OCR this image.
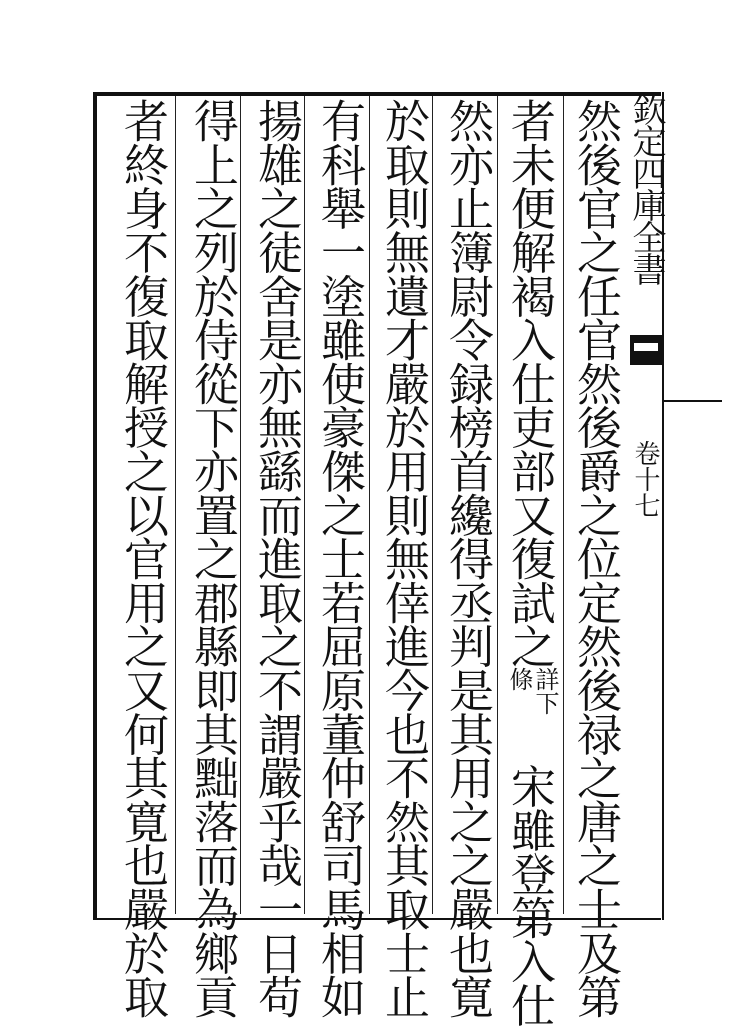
欽定四庫全書
卷十七
然後官之任官然後爵之位定然後禄之唐之士及第
者未便解褐入仕吏部又復試之
詳下
條
宋雖登第入仕
然亦止簿尉令録榜首纔得丞判是其用之之嚴也寛
於取則無遺才嚴於用則無倖進今也不然其取士止
有科舉一塗雖使豪傑之士若屈原董仲舒司馬相如
揚雄之徒舍是亦無繇而進取之不謂嚴乎哉一日苟
得上之列於侍從下亦置之郡縣即其黜落而為鄉貢
者終身不復取解授之以官用之又何其寛也嚴於取
